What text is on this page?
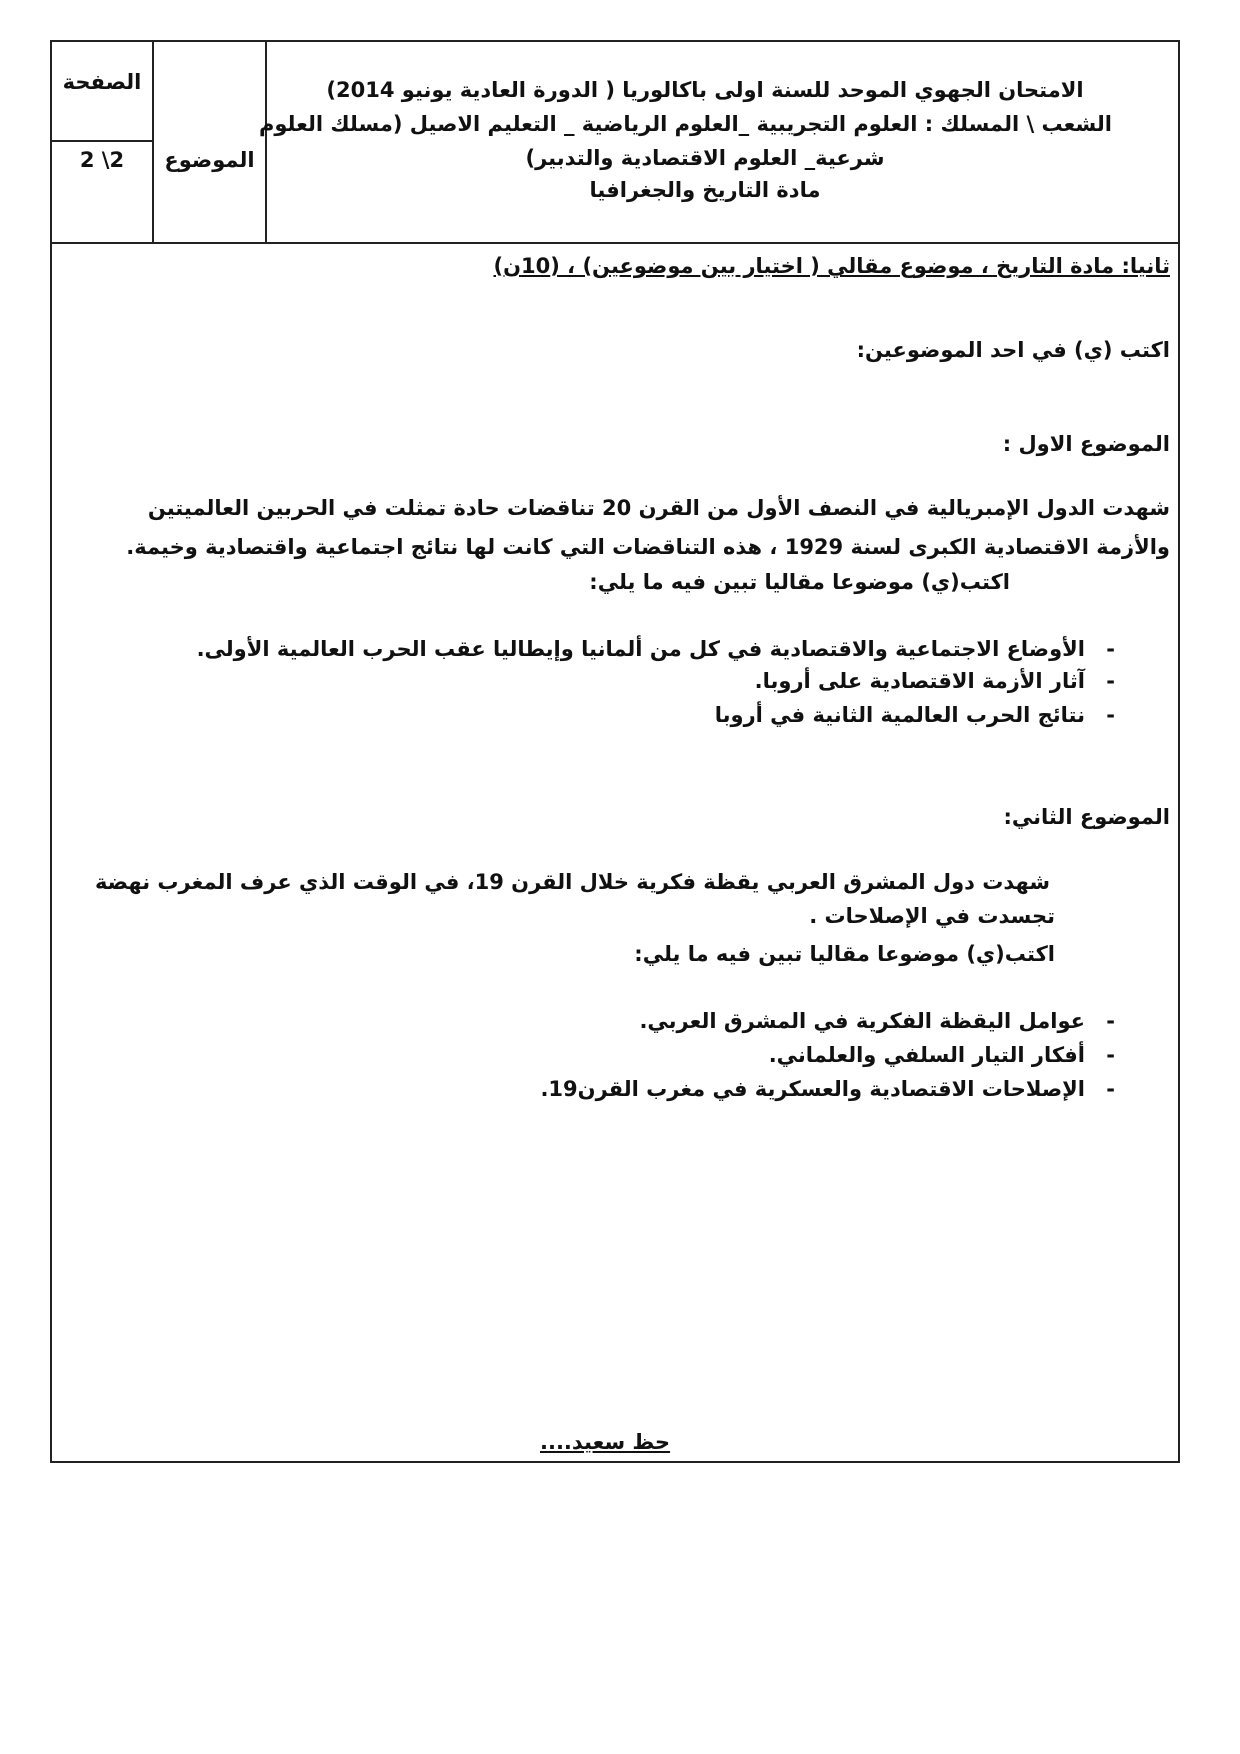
الصفحة
2\ 2	الموضوع
الامتحان الجهوي الموحد للسنة اولى باكالوريا ( الدورة العادية يونيو 2014)
الشعب \ المسلك : العلوم التجريبية _العلوم الرياضية _ التعليم الاصيل (مسلك العلوم
شرعية_ العلوم الاقتصادية والتدبير)
مادة التاريخ والجغرافيا
ثانيا: مادة التاريخ ، موضوع مقالي ( اختيار بين موضوعين) ، (10ن)
اكتب (ي) في احد الموضوعين:
الموضوع الاول :
شهدت الدول الإمبريالية في النصف الأول من القرن 20 تناقضات حادة تمثلت في الحربين العالميتين
والأزمة الاقتصادية الكبرى لسنة 1929 ، هذه التناقضات التي كانت لها نتائج اجتماعية واقتصادية وخيمة.
اكتب(ي) موضوعا مقاليا تبين فيه ما يلي:
-الأوضاع الاجتماعية والاقتصادية في كل من ألمانيا وإيطاليا عقب الحرب العالمية الأولى.
-آثار الأزمة الاقتصادية على أروبا.
-نتائج الحرب العالمية الثانية في أروبا
الموضوع الثاني:
شهدت دول المشرق العربي يقظة فكرية خلال القرن 19، في الوقت الذي عرف المغرب نهضة
تجسدت في الإصلاحات .
اكتب(ي) موضوعا مقاليا تبين فيه ما يلي:
-عوامل اليقظة الفكرية في المشرق العربي.
-أفكار التيار السلفي والعلماني.
-الإصلاحات الاقتصادية والعسكرية في مغرب القرن19.
حظ سعيد....
